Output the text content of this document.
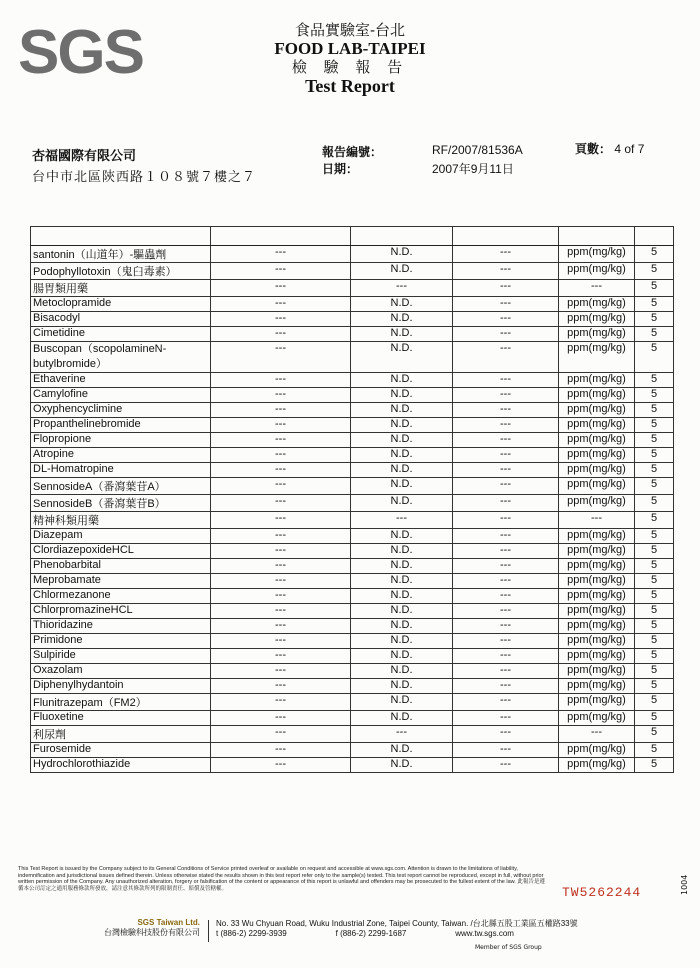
SGS	食品實驗室-台北
FOOD LAB-TAIPEI
檢 驗 報 告
Test Report
杏福國際有限公司
台中市北區陝西路１０８號７樓之７
報告編號：	RF/2007/81536A
日期：	2007年9月11日
頁數： 4 of 7

santonin（山道年）-驅蟲劑	---	N.D.	---	ppm(mg/kg)	5
Podophyllotoxin（鬼臼毒素）	---	N.D.	---	ppm(mg/kg)	5
腸胃類用藥	---	---	---	---	5
Metoclopramide	---	N.D.	---	ppm(mg/kg)	5
Bisacodyl	---	N.D.	---	ppm(mg/kg)	5
Cimetidine	---	N.D.	---	ppm(mg/kg)	5
Buscopan（scopolamineN-butylbromide）	---	N.D.	---	ppm(mg/kg)	5
Ethaverine	---	N.D.	---	ppm(mg/kg)	5
Camylofine	---	N.D.	---	ppm(mg/kg)	5
Oxyphencyclimine	---	N.D.	---	ppm(mg/kg)	5
Propanthelinebromide	---	N.D.	---	ppm(mg/kg)	5
Flopropione	---	N.D.	---	ppm(mg/kg)	5
Atropine	---	N.D.	---	ppm(mg/kg)	5
DL-Homatropine	---	N.D.	---	ppm(mg/kg)	5
SennosideA（番瀉葉苷A）	---	N.D.	---	ppm(mg/kg)	5
SennosideB（番瀉葉苷B）	---	N.D.	---	ppm(mg/kg)	5
精神科類用藥	---	---	---	---	5
Diazepam	---	N.D.	---	ppm(mg/kg)	5
ClordiazepoxideHCL	---	N.D.	---	ppm(mg/kg)	5
Phenobarbital	---	N.D.	---	ppm(mg/kg)	5
Meprobamate	---	N.D.	---	ppm(mg/kg)	5
Chlormezanone	---	N.D.	---	ppm(mg/kg)	5
ChlorpromazineHCL	---	N.D.	---	ppm(mg/kg)	5
Thioridazine	---	N.D.	---	ppm(mg/kg)	5
Primidone	---	N.D.	---	ppm(mg/kg)	5
Sulpiride	---	N.D.	---	ppm(mg/kg)	5
Oxazolam	---	N.D.	---	ppm(mg/kg)	5
Diphenylhydantoin	---	N.D.	---	ppm(mg/kg)	5
Flunitrazepam（FM2）	---	N.D.	---	ppm(mg/kg)	5
Fluoxetine	---	N.D.	---	ppm(mg/kg)	5
利尿劑	---	---	---	---	5
Furosemide	---	N.D.	---	ppm(mg/kg)	5
Hydrochlorothiazide	---	N.D.	---	ppm(mg/kg)	5
This Test Report is issued by the Company subject to its General Conditions of Service printed overleaf or available on request and accessible at www.sgs.com. Attention is drawn to the limitations of liability, indemnification and jurisdictional issues defined therein. Unless otherwise stated the results shown in this test report refer only to the sample(s) tested. This test report cannot be reproduced, except in full, without prior written permission of the Company. Any unauthorized alteration, forgery or falsification of the content or appearance of this report is unlawful and offenders may be prosecuted to the fullest extent of the law. 此報告是遵循本公司訂定之通用服務條款所發放，請注意其條款所列的限制責任、賠償及管轄權。	TW5262244	1004
SGS Taiwan Ltd.
台灣檢驗科技股份有限公司
No. 33 Wu Chyuan Road, Wuku Industrial Zone, Taipei County, Taiwan. /台北縣五股工業區五權路33號
t (886-2) 2299-3939	f (886-2) 2299-1687	www.tw.sgs.com
Member of SGS Group
